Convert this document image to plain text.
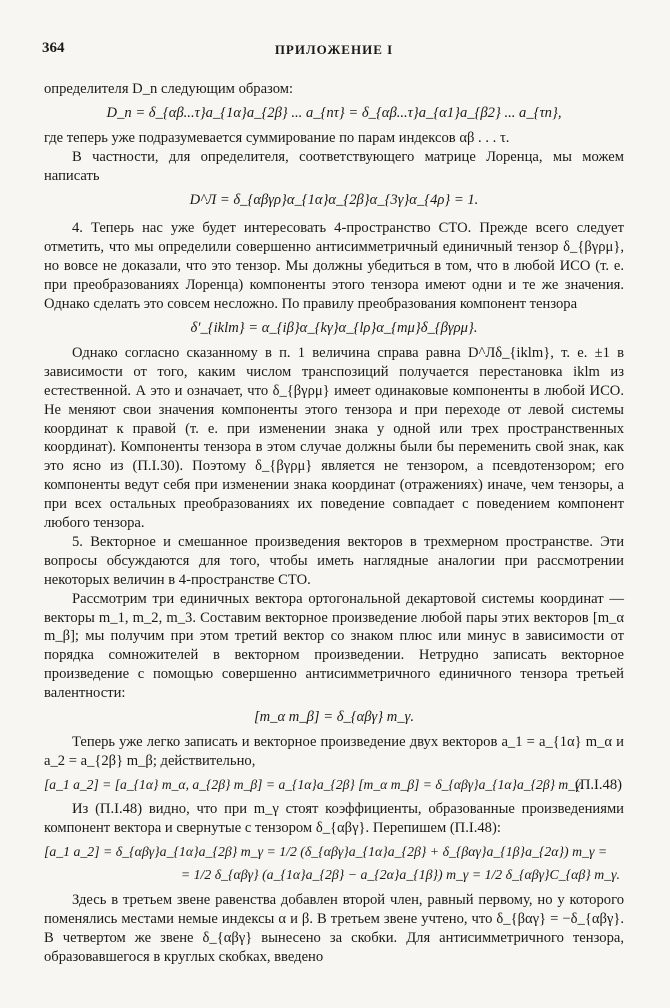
364	ПРИЛОЖЕНИЕ I

определителя D_n следующим образом:

D_n = δ_{αβ...τ}a_{1α}a_{2β} ... a_{nτ} = δ_{αβ...τ}a_{α1}a_{β2} ... a_{τn},

где теперь уже подразумевается суммирование по парам индексов αβ . . . τ.

В частности, для определителя, соответствующего матрице Лоренца, мы можем написать

D^Л = δ_{αβγρ}α_{1α}α_{2β}α_{3γ}α_{4ρ} = 1.

4. Теперь нас уже будет интересовать 4-пространство СТО. Прежде всего следует отметить, что мы определили совершенно антисимметричный единичный тензор δ_{βγρμ}, но вовсе не доказали, что это тензор. Мы должны убедиться в том, что в любой ИСО (т. е. при преобразованиях Лоренца) компоненты этого тензора имеют одни и те же значения. Однако сделать это совсем несложно. По правилу преобразования компонент тензора

δ′_{iklm} = α_{iβ}α_{kγ}α_{lρ}α_{mμ}δ_{βγρμ}.

Однако согласно сказанному в п. 1 величина справа равна D^Лδ_{iklm}, т. е. ±1 в зависимости от того, каким числом транспозиций получается перестановка iklm из естественной. А это и означает, что δ_{βγρμ} имеет одинаковые компоненты в любой ИСО. Не меняют свои значения компоненты этого тензора и при переходе от левой системы координат к правой (т. е. при изменении знака у одной или трех пространственных координат). Компоненты тензора в этом случае должны были бы переменить свой знак, как это ясно из (П.I.30). Поэтому δ_{βγρμ} является не тензором, а псевдотензором; его компоненты ведут себя при изменении знака координат (отражениях) иначе, чем тензоры, а при всех остальных преобразованиях их поведение совпадает с поведением компонент любого тензора.

5. Векторное и смешанное произведения векторов в трехмерном пространстве. Эти вопросы обсуждаются для того, чтобы иметь наглядные аналогии при рассмотрении некоторых величин в 4-пространстве СТО.

Рассмотрим три единичных вектора ортогональной декартовой системы координат — векторы m_1, m_2, m_3. Составим векторное произведение любой пары этих векторов [m_α m_β]; мы получим при этом третий вектор со знаком плюс или минус в зависимости от порядка сомножителей в векторном произведении. Нетрудно записать векторное произведение с помощью совершенно антисимметричного единичного тензора третьей валентности:

[m_α m_β] = δ_{αβγ} m_γ.

Теперь уже легко записать и векторное произведение двух векторов a_1 = a_{1α} m_α и a_2 = a_{2β} m_β; действительно,

[a_1 a_2] = [a_{1α} m_α, a_{2β} m_β] = a_{1α}a_{2β} [m_α m_β] = δ_{αβγ}a_{1α}a_{2β} m_γ.

(П.I.48)

Из (П.I.48) видно, что при m_γ стоят коэффициенты, образованные произведениями компонент вектора и свернутые с тензором δ_{αβγ}. Перепишем (П.I.48):

[a_1 a_2] = δ_{αβγ}a_{1α}a_{2β} m_γ = 1/2 (δ_{αβγ}a_{1α}a_{2β} + δ_{βαγ}a_{1β}a_{2α}) m_γ =

= 1/2 δ_{αβγ} (a_{1α}a_{2β} − a_{2α}a_{1β}) m_γ = 1/2 δ_{αβγ}C_{αβ} m_γ.

Здесь в третьем звене равенства добавлен второй член, равный первому, но у которого поменялись местами немые индексы α и β. В третьем звене учтено, что δ_{βαγ} = −δ_{αβγ}. В четвертом же звене δ_{αβγ} вынесено за скобки. Для антисимметричного тензора, образовавшегося в круглых скобках, введено
